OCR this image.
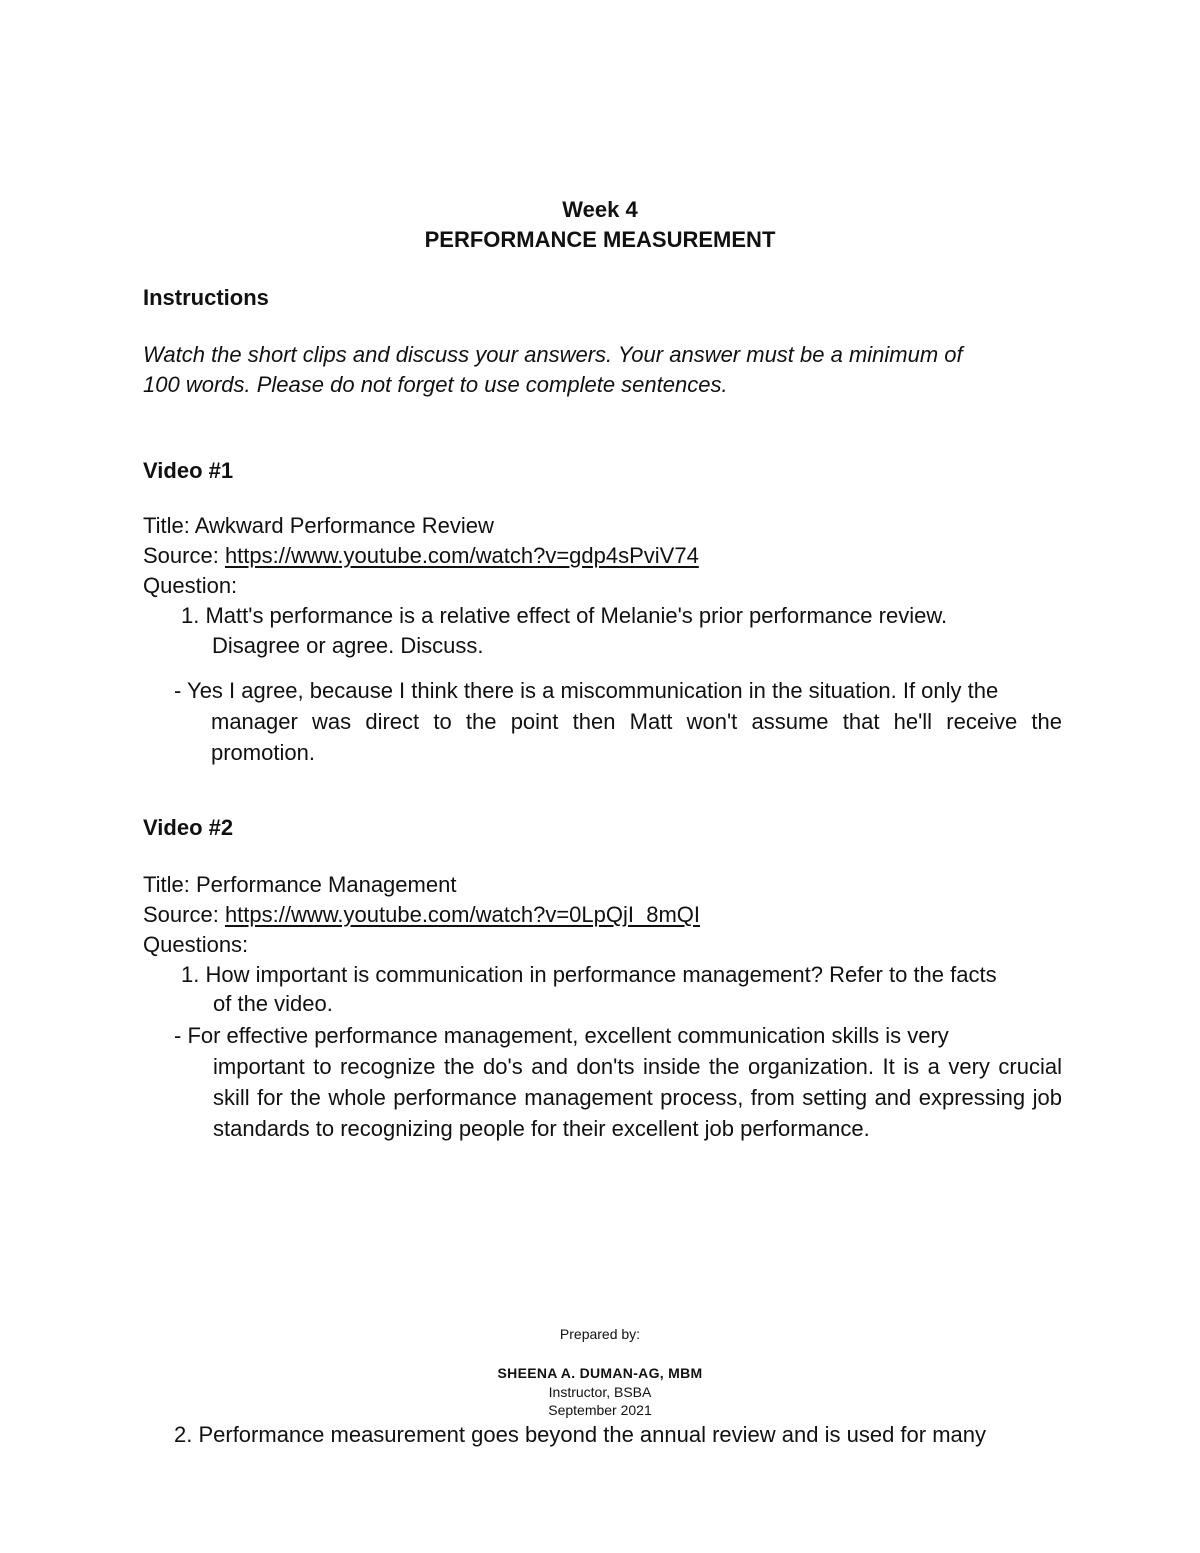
Week 4
PERFORMANCE MEASUREMENT
Instructions
Watch the short clips and discuss your answers. Your answer must be a minimum of
100 words. Please do not forget to use complete sentences.
Video #1
Title: Awkward Performance Review
Source: https://www.youtube.com/watch?v=gdp4sPviV74
Question:
1. Matt's performance is a relative effect of Melanie's prior performance review.
Disagree or agree. Discuss.
- Yes I agree, because I think there is a miscommunication in the situation. If only the
manager was direct to the point then Matt won't assume that he'll receive the promotion.
Video #2
Title: Performance Management
Source: https://www.youtube.com/watch?v=0LpQjI_8mQI
Questions:
1. How important is communication in performance management? Refer to the facts
of the video.
- For effective performance management, excellent communication skills is very
important to recognize the do's and don'ts inside the organization. It is a very crucial skill for the whole performance management process, from setting and expressing job standards to recognizing people for their excellent job performance.
Prepared by:
SHEENA A. DUMAN-AG, MBM
Instructor, BSBA
September 2021
2. Performance measurement goes beyond the annual review and is used for many
